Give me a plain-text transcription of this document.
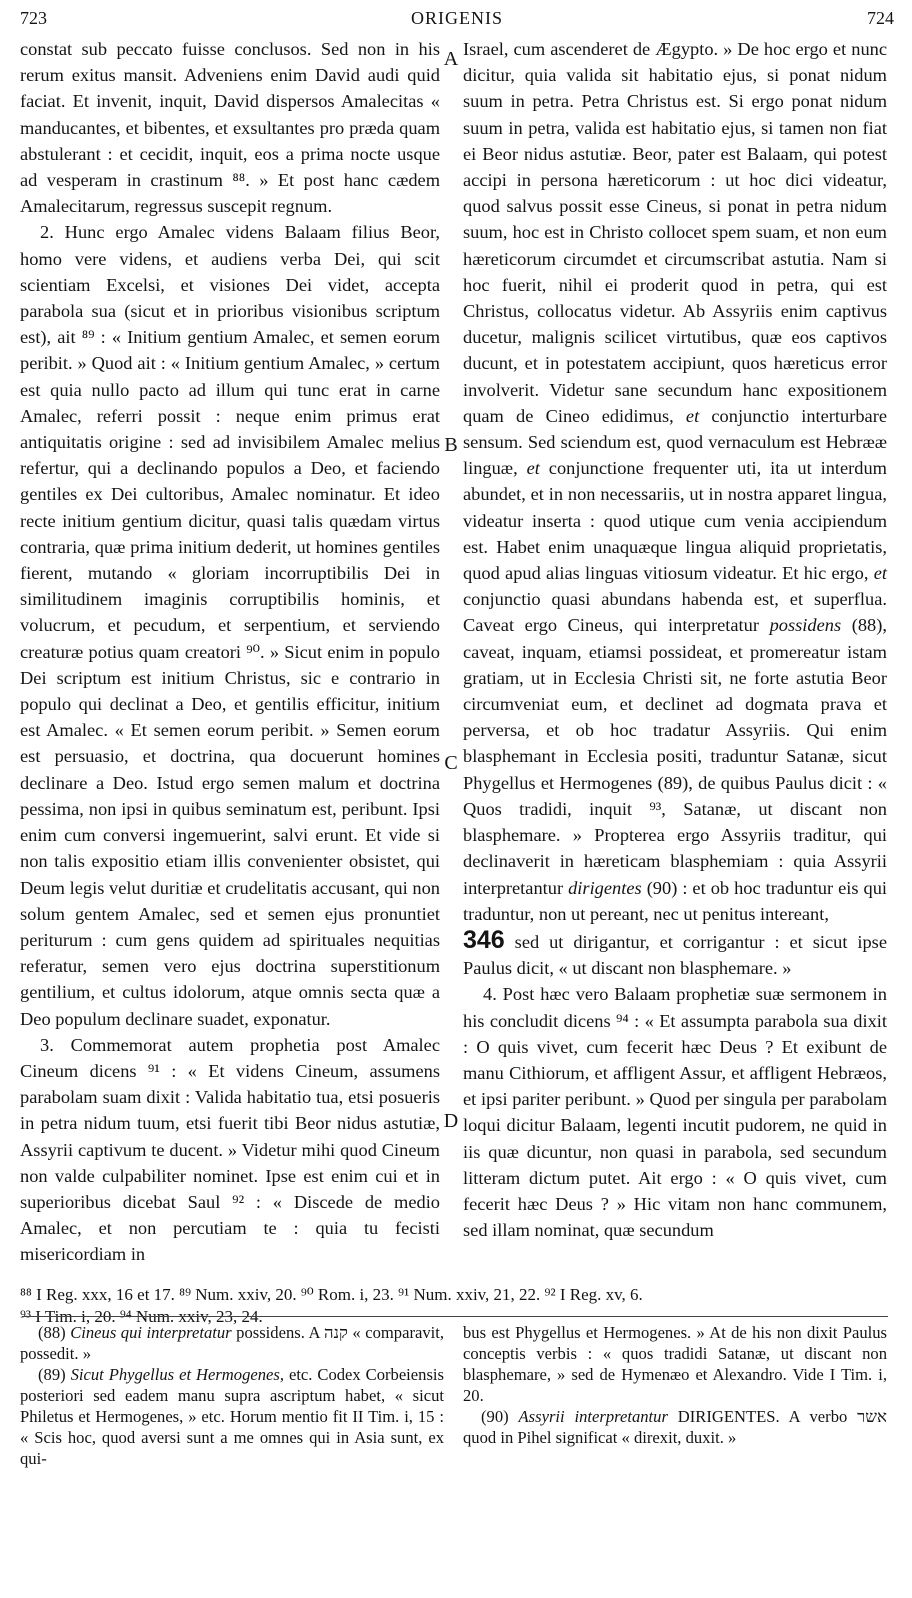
723	ORIGENIS	724

constat sub peccato fuisse conclusos. Sed non in his rerum exitus mansit. Adveniens enim David audi quid faciat. Et invenit, inquit, David dispersos Amalecitas « manducantes, et bibentes, et exsultantes pro præda quam abstulerant : et cecidit, inquit, eos a prima nocte usque ad vesperam in crastinum ⁸⁸. » Et post hanc cædem Amalecitarum, regressus suscepit regnum.

2. Hunc ergo Amalec videns Balaam filius Beor, homo vere videns, et audiens verba Dei, qui scit scientiam Excelsi, et visiones Dei videt, accepta parabola sua (sicut et in prioribus visionibus scriptum est), ait ⁸⁹ : « Initium gentium Amalec, et semen eorum peribit. » Quod ait : « Initium gentium Amalec, » certum est quia nullo pacto ad illum qui tunc erat in carne Amalec, referri possit : neque enim primus erat antiquitatis origine : sed ad invisibilem Amalec melius refertur, qui a declinando populos a Deo, et faciendo gentiles ex Dei cultoribus, Amalec nominatur. Et ideo recte initium gentium dicitur, quasi talis quædam virtus contraria, quæ prima initium dederit, ut homines gentiles fierent, mutando « gloriam incorruptibilis Dei in similitudinem imaginis corruptibilis hominis, et volucrum, et pecudum, et serpentium, et serviendo creaturæ potius quam creatori ⁹⁰. » Sicut enim in populo Dei scriptum est initium Christus, sic e contrario in populo qui declinat a Deo, et gentilis efficitur, initium est Amalec. « Et semen eorum peribit. » Semen eorum est persuasio, et doctrina, qua docuerunt homines declinare a Deo. Istud ergo semen malum et doctrina pessima, non ipsi in quibus seminatum est, peribunt. Ipsi enim cum conversi ingemuerint, salvi erunt. Et vide si non talis expositio etiam illis convenienter obsistet, qui Deum legis velut duritiæ et crudelitatis accusant, qui non solum gentem Amalec, sed et semen ejus pronuntiet periturum : cum gens quidem ad spirituales nequitias referatur, semen vero ejus doctrina superstitionum gentilium, et cultus idolorum, atque omnis secta quæ a Deo populum declinare suadet, exponatur.

3. Commemorat autem prophetia post Amalec Cineum dicens ⁹¹ : « Et videns Cineum, assumens parabolam suam dixit : Valida habitatio tua, etsi posueris in petra nidum tuum, etsi fuerit tibi Beor nidus astutiæ, Assyrii captivum te ducent. » Videtur mihi quod Cineum non valde culpabiliter nominet. Ipse est enim cui et in superioribus dicebat Saul ⁹² : « Discede de medio Amalec, et non percutiam te : quia tu fecisti misericordiam in

A
B
C
D

Israel, cum ascenderet de Ægypto. » De hoc ergo et nunc dicitur, quia valida sit habitatio ejus, si ponat nidum suum in petra. Petra Christus est. Si ergo ponat nidum suum in petra, valida est habitatio ejus, si tamen non fiat ei Beor nidus astutiæ. Beor, pater est Balaam, qui potest accipi in persona hæreticorum : ut hoc dici videatur, quod salvus possit esse Cineus, si ponat in petra nidum suum, hoc est in Christo collocet spem suam, et non eum hæreticorum circumdet et circumscribat astutia. Nam si hoc fuerit, nihil ei proderit quod in petra, qui est Christus, collocatus videtur. Ab Assyriis enim captivus ducetur, malignis scilicet virtutibus, quæ eos captivos ducunt, et in potestatem accipiunt, quos hæreticus error involverit. Videtur sane secundum hanc expositionem quam de Cineo edidimus, et conjunctio interturbare sensum. Sed sciendum est, quod vernaculum est Hebrææ linguæ, et conjunctione frequenter uti, ita ut interdum abundet, et in non necessariis, ut in nostra apparet lingua, videatur inserta : quod utique cum venia accipiendum est. Habet enim unaquæque lingua aliquid proprietatis, quod apud alias linguas vitiosum videatur. Et hic ergo, et conjunctio quasi abundans habenda est, et superflua. Caveat ergo Cineus, qui interpretatur possidens (88), caveat, inquam, etiamsi possideat, et promereatur istam gratiam, ut in Ecclesia Christi sit, ne forte astutia Beor circumveniat eum, et declinet ad dogmata prava et perversa, et ob hoc tradatur Assyriis. Qui enim blasphemant in Ecclesia positi, traduntur Satanæ, sicut Phygellus et Hermogenes (89), de quibus Paulus dicit : « Quos tradidi, inquit ⁹³, Satanæ, ut discant non blasphemare. » Propterea ergo Assyriis traditur, qui declinaverit in hæreticam blasphemiam : quia Assyrii interpretantur dirigentes (90) : et ob hoc traduntur eis qui traduntur, non ut pereant, nec ut penitus intereant,
346 sed ut dirigantur, et corrigantur : et sicut ipse Paulus dicit, « ut discant non blasphemare. »

4. Post hæc vero Balaam prophetiæ suæ sermonem in his concludit dicens ⁹⁴ : « Et assumpta parabola sua dixit : O quis vivet, cum fecerit hæc Deus ? Et exibunt de manu Cithiorum, et affligent Assur, et affligent Hebræos, et ipsi pariter peribunt. » Quod per singula per parabolam loqui dicitur Balaam, legenti incutit pudorem, ne quid in iis quæ dicuntur, non quasi in parabola, sed secundum litteram dictum putet. Ait ergo : « O quis vivet, cum fecerit hæc Deus ? » Hic vitam non hanc communem, sed illam nominat, quæ secundum

⁸⁸ I Reg. xxx, 16 et 17. ⁸⁹ Num. xxiv, 20. ⁹⁰ Rom. i, 23. ⁹¹ Num. xxiv, 21, 22. ⁹² I Reg. xv, 6.
⁹³ I Tim. i, 20. ⁹⁴ Num. xxiv, 23, 24.

(88) Cineus qui interpretatur possidens. A קנה « comparavit, possedit. »

(89) Sicut Phygellus et Hermogenes, etc. Codex Corbeiensis posteriori sed eadem manu supra ascriptum habet, « sicut Philetus et Hermogenes, » etc. Horum mentio fit II Tim. i, 15 : « Scis hoc, quod aversi sunt a me omnes qui in Asia sunt, ex qui-

bus est Phygellus et Hermogenes. » At de his non dixit Paulus conceptis verbis : « quos tradidi Satanæ, ut discant non blasphemare, » sed de Hymenæo et Alexandro. Vide I Tim. i, 20.

(90) Assyrii interpretantur DIRIGENTES. A verbo אשר quod in Pihel significat « direxit, duxit. »
